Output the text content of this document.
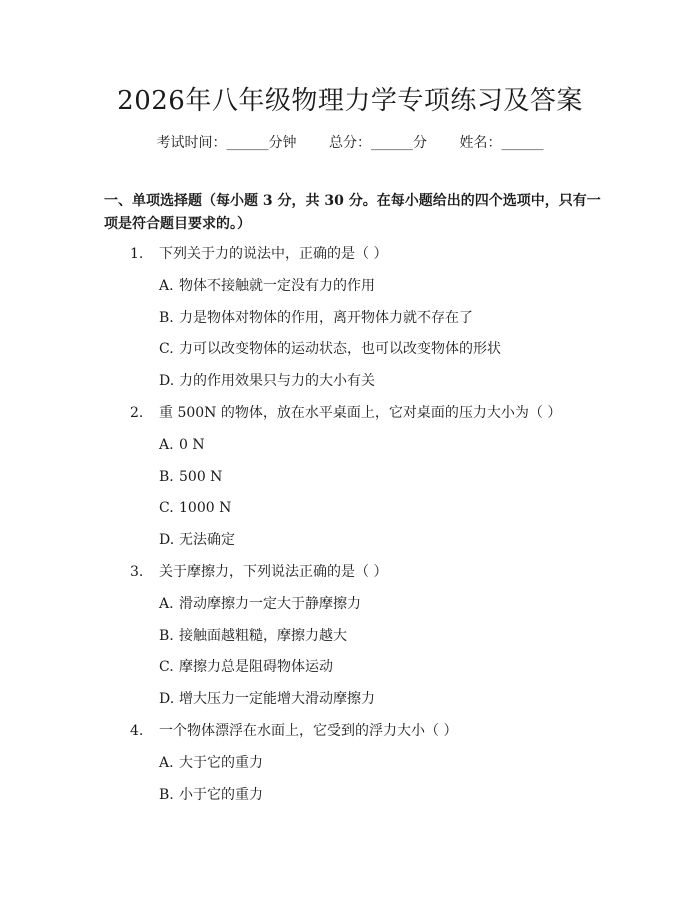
2026年八年级物理力学专项练习及答案
考试时间：______分钟 总分：______分 姓名：______

一、单项选择题（每小题 3 分，共 30 分。在每小题给出的四个选项中，只有一项是符合题目要求的。）

1. 下列关于力的说法中，正确的是（ ）
A. 物体不接触就一定没有力的作用
B. 力是物体对物体的作用，离开物体力就不存在了
C. 力可以改变物体的运动状态，也可以改变物体的形状
D. 力的作用效果只与力的大小有关
2. 重 500N 的物体，放在水平桌面上，它对桌面的压力大小为（ ）
A. 0 N
B. 500 N
C. 1000 N
D. 无法确定
3. 关于摩擦力，下列说法正确的是（ ）
A. 滑动摩擦力一定大于静摩擦力
B. 接触面越粗糙，摩擦力越大
C. 摩擦力总是阻碍物体运动
D. 增大压力一定能增大滑动摩擦力
4. 一个物体漂浮在水面上，它受到的浮力大小（ ）
A. 大于它的重力
B. 小于它的重力
